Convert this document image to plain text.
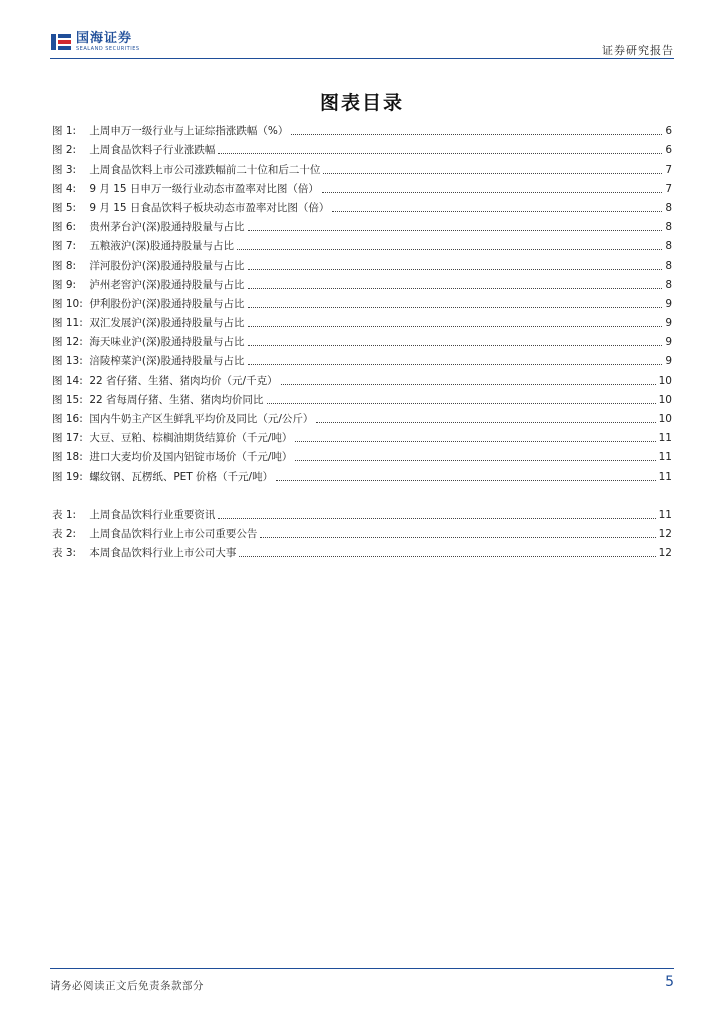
国海证券
SEALAND SECURITIES	证券研究报告
图表目录
图 1: 上周申万一级行业与上证综指涨跌幅（%）	6
图 2: 上周食品饮料子行业涨跌幅	6
图 3: 上周食品饮料上市公司涨跌幅前二十位和后二十位	7
图 4: 9 月 15 日申万一级行业动态市盈率对比图（倍）	7
图 5: 9 月 15 日食品饮料子板块动态市盈率对比图（倍）	8
图 6: 贵州茅台沪(深)股通持股量与占比	8
图 7: 五粮液沪(深)股通持股量与占比	8
图 8: 洋河股份沪(深)股通持股量与占比	8
图 9: 泸州老窖沪(深)股通持股量与占比	8
图 10: 伊利股份沪(深)股通持股量与占比	9
图 11: 双汇发展沪(深)股通持股量与占比	9
图 12: 海天味业沪(深)股通持股量与占比	9
图 13: 涪陵榨菜沪(深)股通持股量与占比	9
图 14: 22 省仔猪、生猪、猪肉均价（元/千克）	10
图 15: 22 省每周仔猪、生猪、猪肉均价同比	10
图 16: 国内牛奶主产区生鲜乳平均价及同比（元/公斤）	10
图 17: 大豆、豆粕、棕榈油期货结算价（千元/吨）	11
图 18: 进口大麦均价及国内铝锭市场价（千元/吨）	11
图 19: 螺纹钢、瓦楞纸、PET 价格（千元/吨）	11
表 1: 上周食品饮料行业重要资讯	11
表 2: 上周食品饮料行业上市公司重要公告	12
表 3: 本周食品饮料行业上市公司大事	12
请务必阅读正文后免责条款部分	5
